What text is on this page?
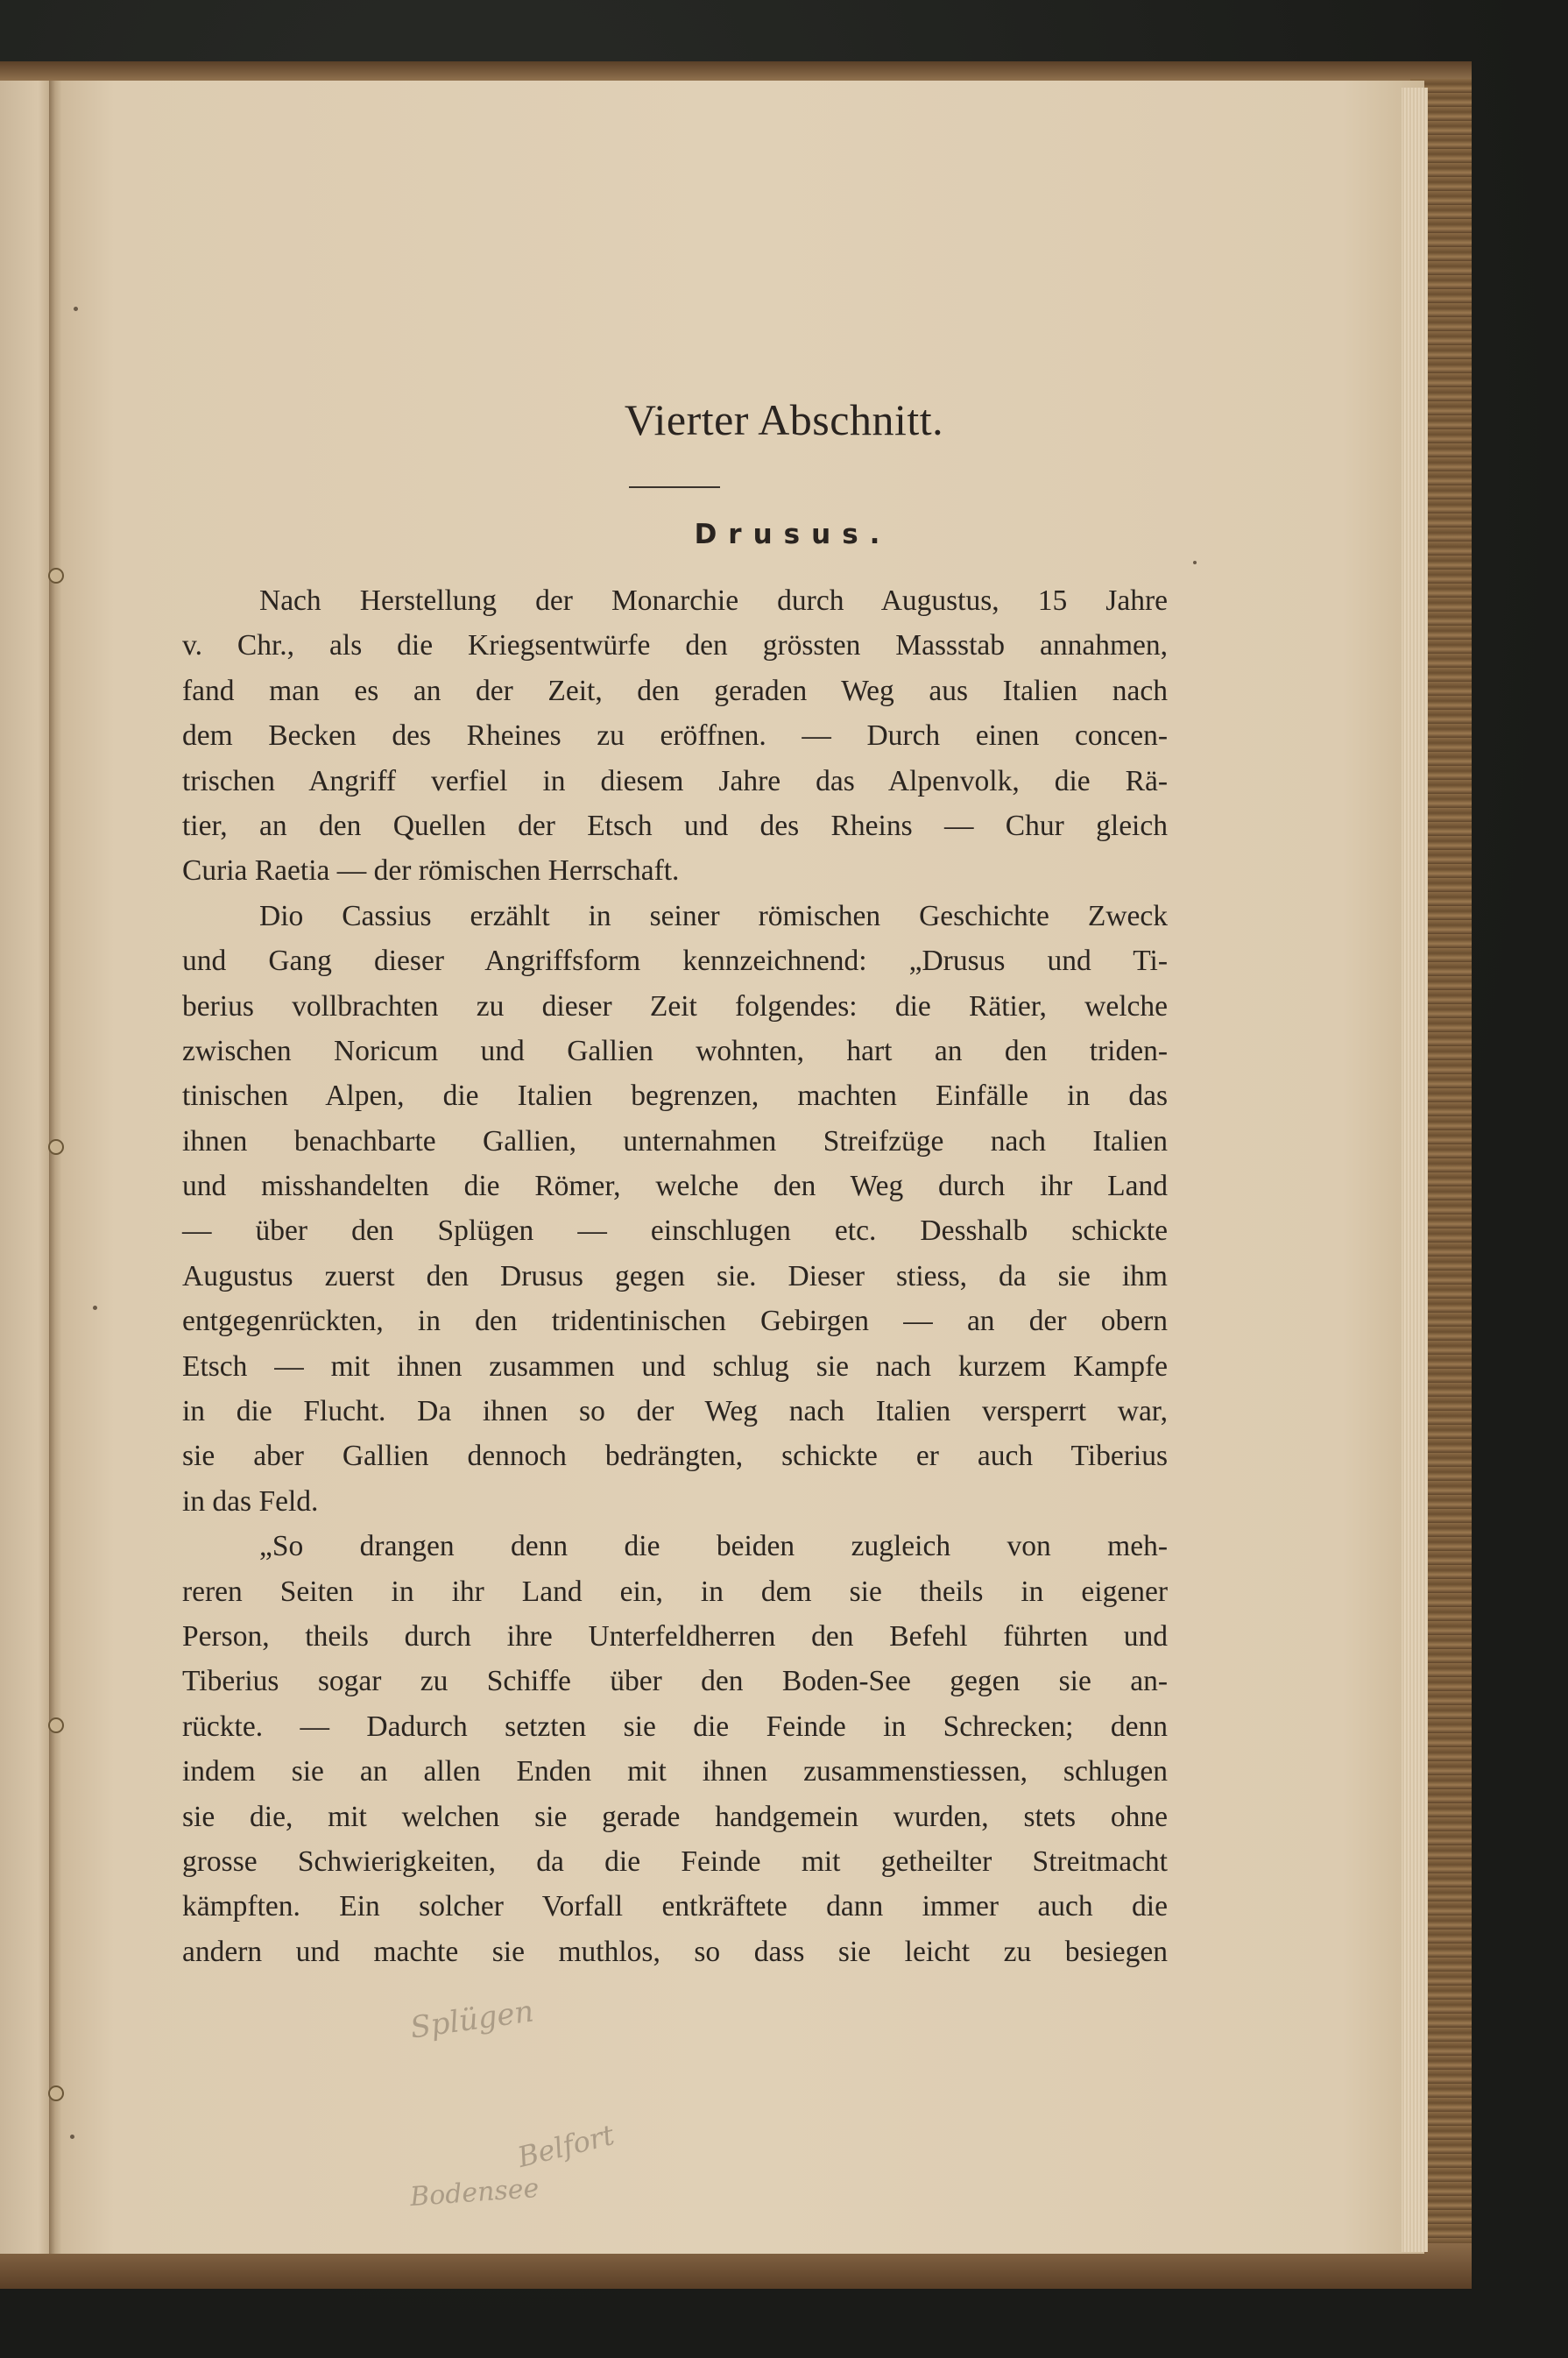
Vierter Abschnitt.
Drusus.
Nach Herstellung der Monarchie durch Augustus, 15 Jahre
v. Chr., als die Kriegsentwürfe den grössten Massstab annahmen,
fand man es an der Zeit, den geraden Weg aus Italien nach
dem Becken des Rheines zu eröffnen. — Durch einen concen-
trischen Angriff verfiel in diesem Jahre das Alpenvolk, die Rä-
tier, an den Quellen der Etsch und des Rheins — Chur gleich
Curia Raetia — der römischen Herrschaft.
Dio Cassius erzählt in seiner römischen Geschichte Zweck
und Gang dieser Angriffsform kennzeichnend: „Drusus und Ti-
berius vollbrachten zu dieser Zeit folgendes: die Rätier, welche
zwischen Noricum und Gallien wohnten, hart an den triden-
tinischen Alpen, die Italien begrenzen, machten Einfälle in das
ihnen benachbarte Gallien, unternahmen Streifzüge nach Italien
und misshandelten die Römer, welche den Weg durch ihr Land
— über den Splügen — einschlugen etc. Desshalb schickte
Augustus zuerst den Drusus gegen sie. Dieser stiess, da sie ihm
entgegenrückten, in den tridentinischen Gebirgen — an der obern
Etsch — mit ihnen zusammen und schlug sie nach kurzem Kampfe
in die Flucht. Da ihnen so der Weg nach Italien versperrt war,
sie aber Gallien dennoch bedrängten, schickte er auch Tiberius
in das Feld.
„So drangen denn die beiden zugleich von meh-
reren Seiten in ihr Land ein, in dem sie theils in eigener
Person, theils durch ihre Unterfeldherren den Befehl führten und
Tiberius sogar zu Schiffe über den Boden-See gegen sie an-
rückte. — Dadurch setzten sie die Feinde in Schrecken; denn
indem sie an allen Enden mit ihnen zusammenstiessen, schlugen
sie die, mit welchen sie gerade handgemein wurden, stets ohne
grosse Schwierigkeiten, da die Feinde mit getheilter Streitmacht
kämpften. Ein solcher Vorfall entkräftete dann immer auch die
andern und machte sie muthlos, so dass sie leicht zu besiegen
Splügen
Belfort
Bodensee
